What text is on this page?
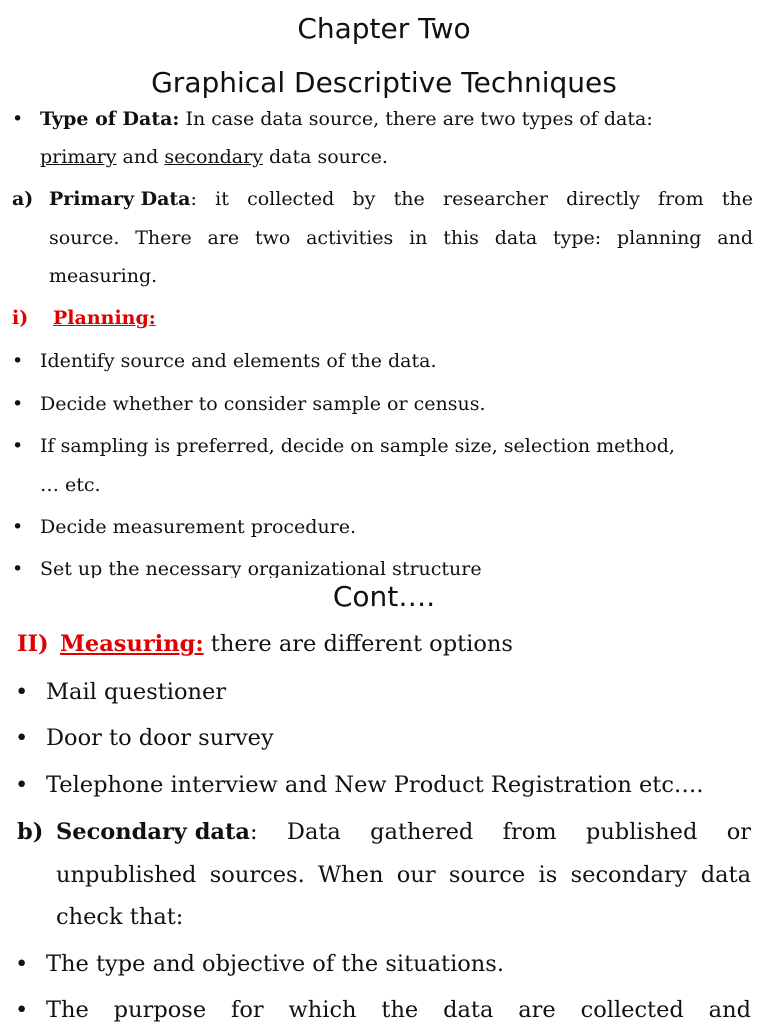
Chapter Two
Graphical Descriptive Techniques
• Type of Data: In case data source, there are two types of data:
primary and secondary data source.
a) Primary Data : it collected by the researcher directly from the
source. There are two activities in this data type: planning and
measuring.
i) Planning:
• Identify source and elements of the data.
• Decide whether to consider sample or census.
• If sampling is preferred, decide on sample size, selection method,
… etc.
• Decide measurement procedure.
• Set up the necessary organizational structure
Cont….
II) Measuring: there are different options
• Mail questioner
• Door to door survey
• Telephone interview and New Product Registration etc….
b) Secondary data : Data gathered from published or
unpublished sources. When our source is secondary data
check that:
• The type and objective of the situations.
• The purpose for which the data are collected and
